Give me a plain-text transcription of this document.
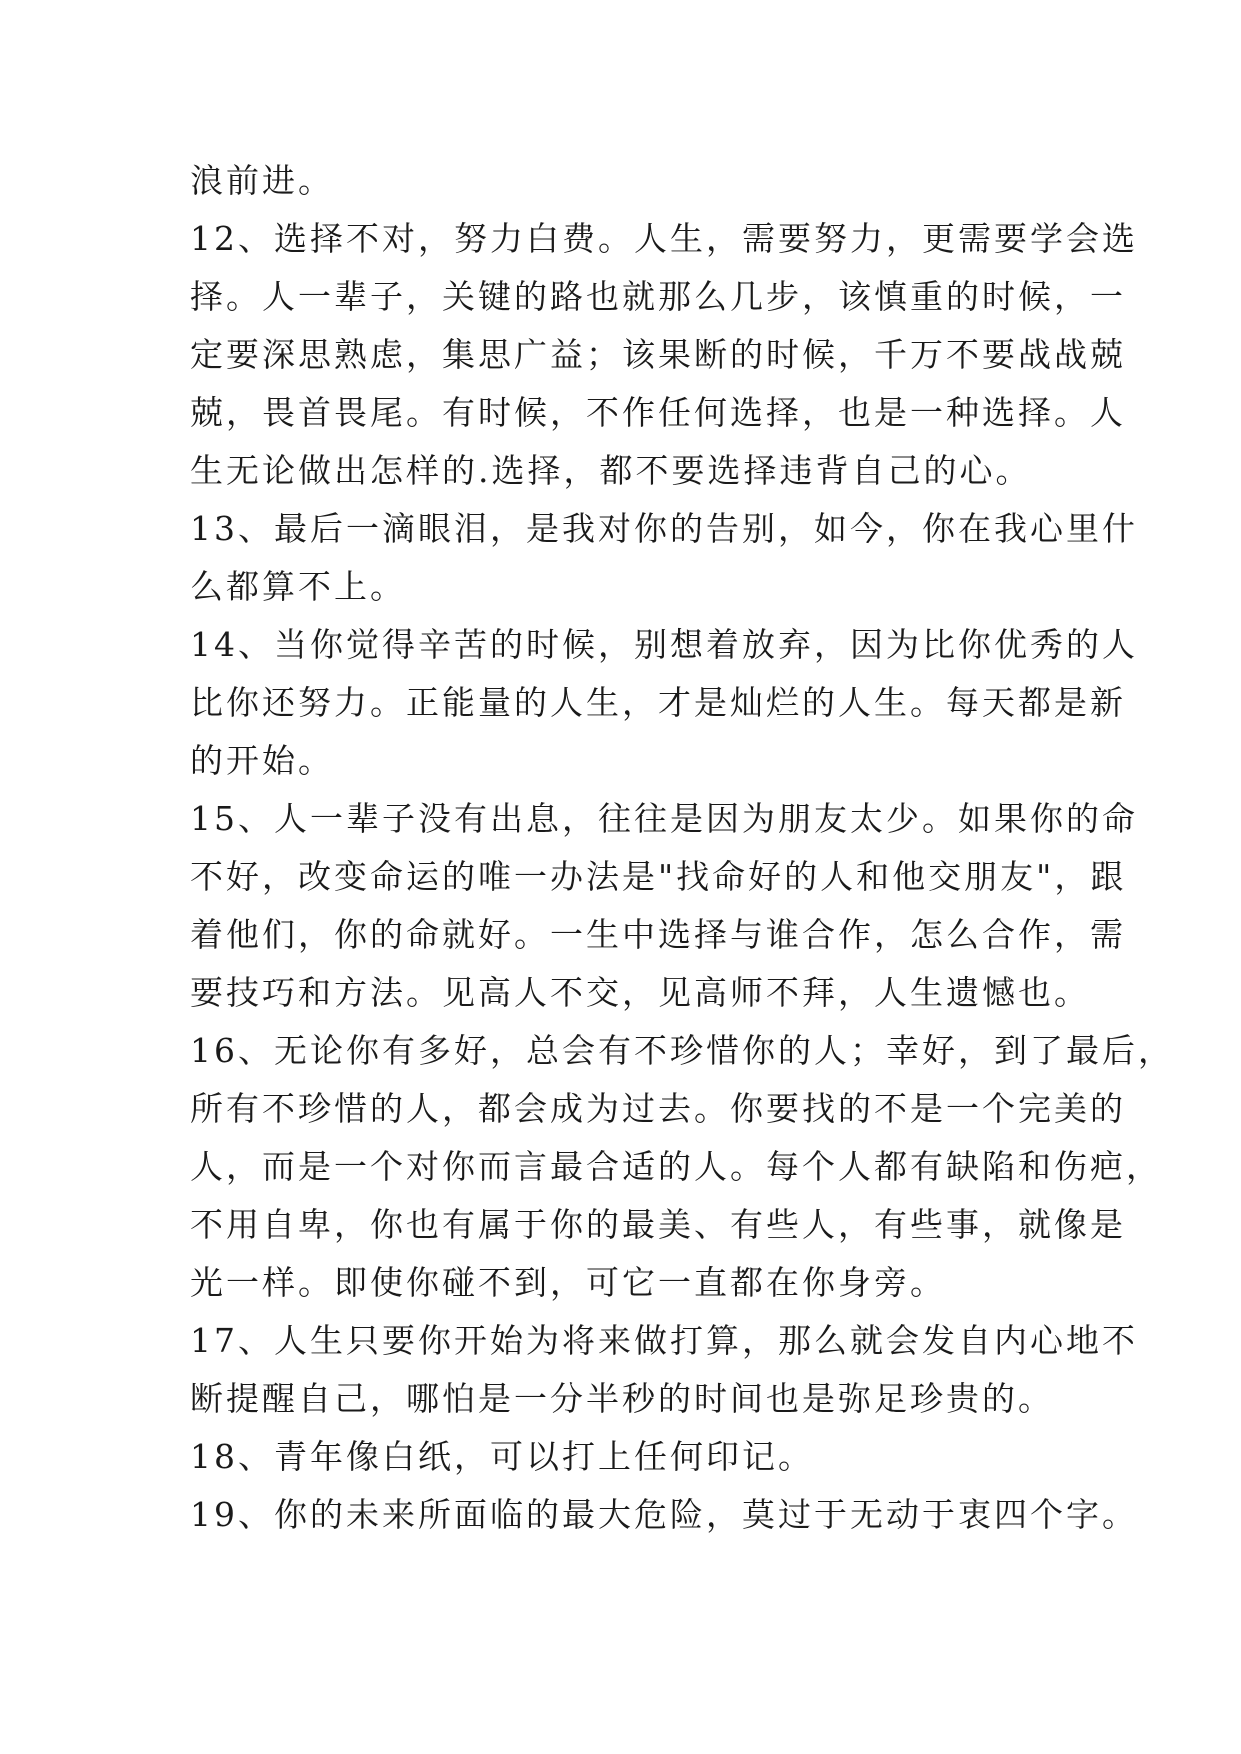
浪前进。
12、选择不对，努力白费。人生，需要努力，更需要学会选
择。人一辈子，关键的路也就那么几步，该慎重的时候，一
定要深思熟虑，集思广益；该果断的时候，千万不要战战兢
兢，畏首畏尾。有时候，不作任何选择，也是一种选择。人
生无论做出怎样的.选择，都不要选择违背自己的心。
13、最后一滴眼泪，是我对你的告别，如今，你在我心里什
么都算不上。
14、当你觉得辛苦的时候，别想着放弃，因为比你优秀的人
比你还努力。正能量的人生，才是灿烂的人生。每天都是新
的开始。
15、人一辈子没有出息，往往是因为朋友太少。如果你的命
不好，改变命运的唯一办法是"找命好的人和他交朋友"，跟
着他们，你的命就好。一生中选择与谁合作，怎么合作，需
要技巧和方法。见高人不交，见高师不拜，人生遗憾也。
16、无论你有多好，总会有不珍惜你的人；幸好，到了最后，
所有不珍惜的人，都会成为过去。你要找的不是一个完美的
人，而是一个对你而言最合适的人。每个人都有缺陷和伤疤，
不用自卑，你也有属于你的最美、有些人，有些事，就像是
光一样。即使你碰不到，可它一直都在你身旁。
17、人生只要你开始为将来做打算，那么就会发自内心地不
断提醒自己，哪怕是一分半秒的时间也是弥足珍贵的。
18、青年像白纸，可以打上任何印记。
19、你的未来所面临的最大危险，莫过于无动于衷四个字。
